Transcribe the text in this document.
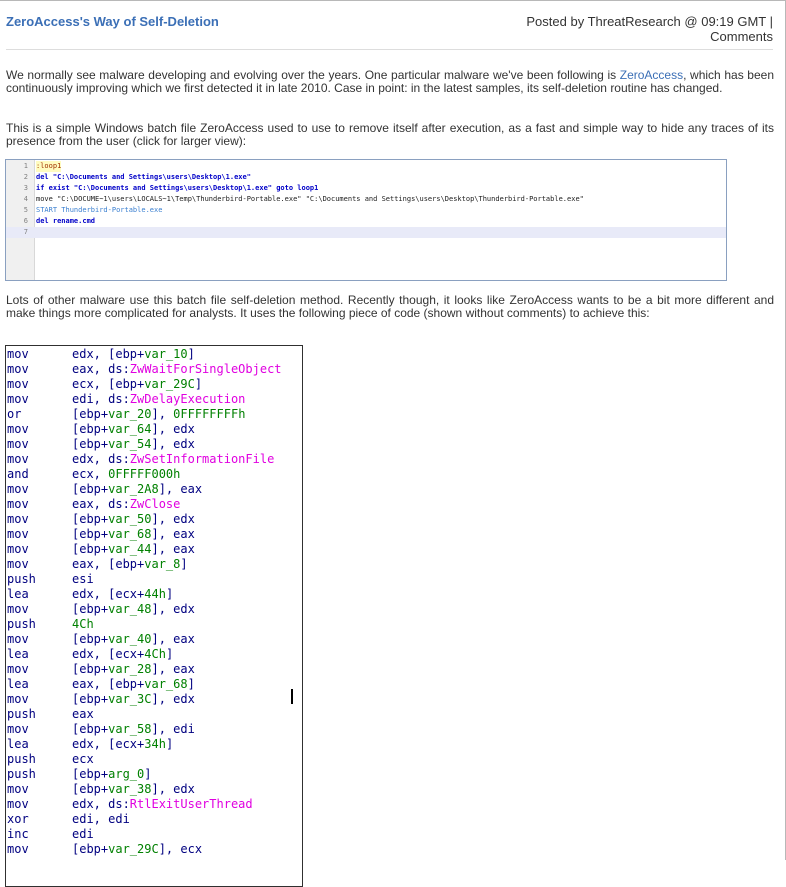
ZeroAccess's Way of Self-Deletion	Posted by ThreatResearch @ 09:19 GMT |
Comments

We normally see malware developing and evolving over the years. One particular malware we've been following is ZeroAccess, which has been continuously improving which we first detected it in late 2010. Case in point: in the latest samples, its self-deletion routine has changed.

This is a simple Windows batch file ZeroAccess used to use to remove itself after execution, as a fast and simple way to hide any traces of its presence from the user (click for larger view):

1 :loop1
2 del "C:\Documents and Settings\users\Desktop\1.exe"
3 if exist "C:\Documents and Settings\users\Desktop\1.exe" goto loop1
4 move "C:\DOCUME~1\users\LOCALS~1\Temp\Thunderbird-Portable.exe" "C:\Documents and Settings\users\Desktop\Thunderbird-Portable.exe"
5 START Thunderbird-Portable.exe
6 del rename.cmd
7

Lots of other malware use this batch file self-deletion method. Recently though, it looks like ZeroAccess wants to be a bit more different and make things more complicated for analysts. It uses the following piece of code (shown without comments) to achieve this:

mov	edx, [ebp+var_10]
mov	eax, ds:ZwWaitForSingleObject
mov	ecx, [ebp+var_29C]
mov	edi, ds:ZwDelayExecution
or	[ebp+var_20], 0FFFFFFFFh
mov	[ebp+var_64], edx
mov	[ebp+var_54], edx
mov	edx, ds:ZwSetInformationFile
and	ecx, 0FFFFF000h
mov	[ebp+var_2A8], eax
mov	eax, ds:ZwClose
mov	[ebp+var_50], edx
mov	[ebp+var_68], eax
mov	[ebp+var_44], eax
mov	eax, [ebp+var_8]
push	esi
lea	edx, [ecx+44h]
mov	[ebp+var_48], edx
push	4Ch
mov	[ebp+var_40], eax
lea	edx, [ecx+4Ch]
mov	[ebp+var_28], eax
lea	eax, [ebp+var_68]
mov	[ebp+var_3C], edx
push	eax
mov	[ebp+var_58], edi
lea	edx, [ecx+34h]
push	ecx
push	[ebp+arg_0]
mov	[ebp+var_38], edx
mov	edx, ds:RtlExitUserThread
xor	edi, edi
inc	edi
mov	[ebp+var_29C], ecx
